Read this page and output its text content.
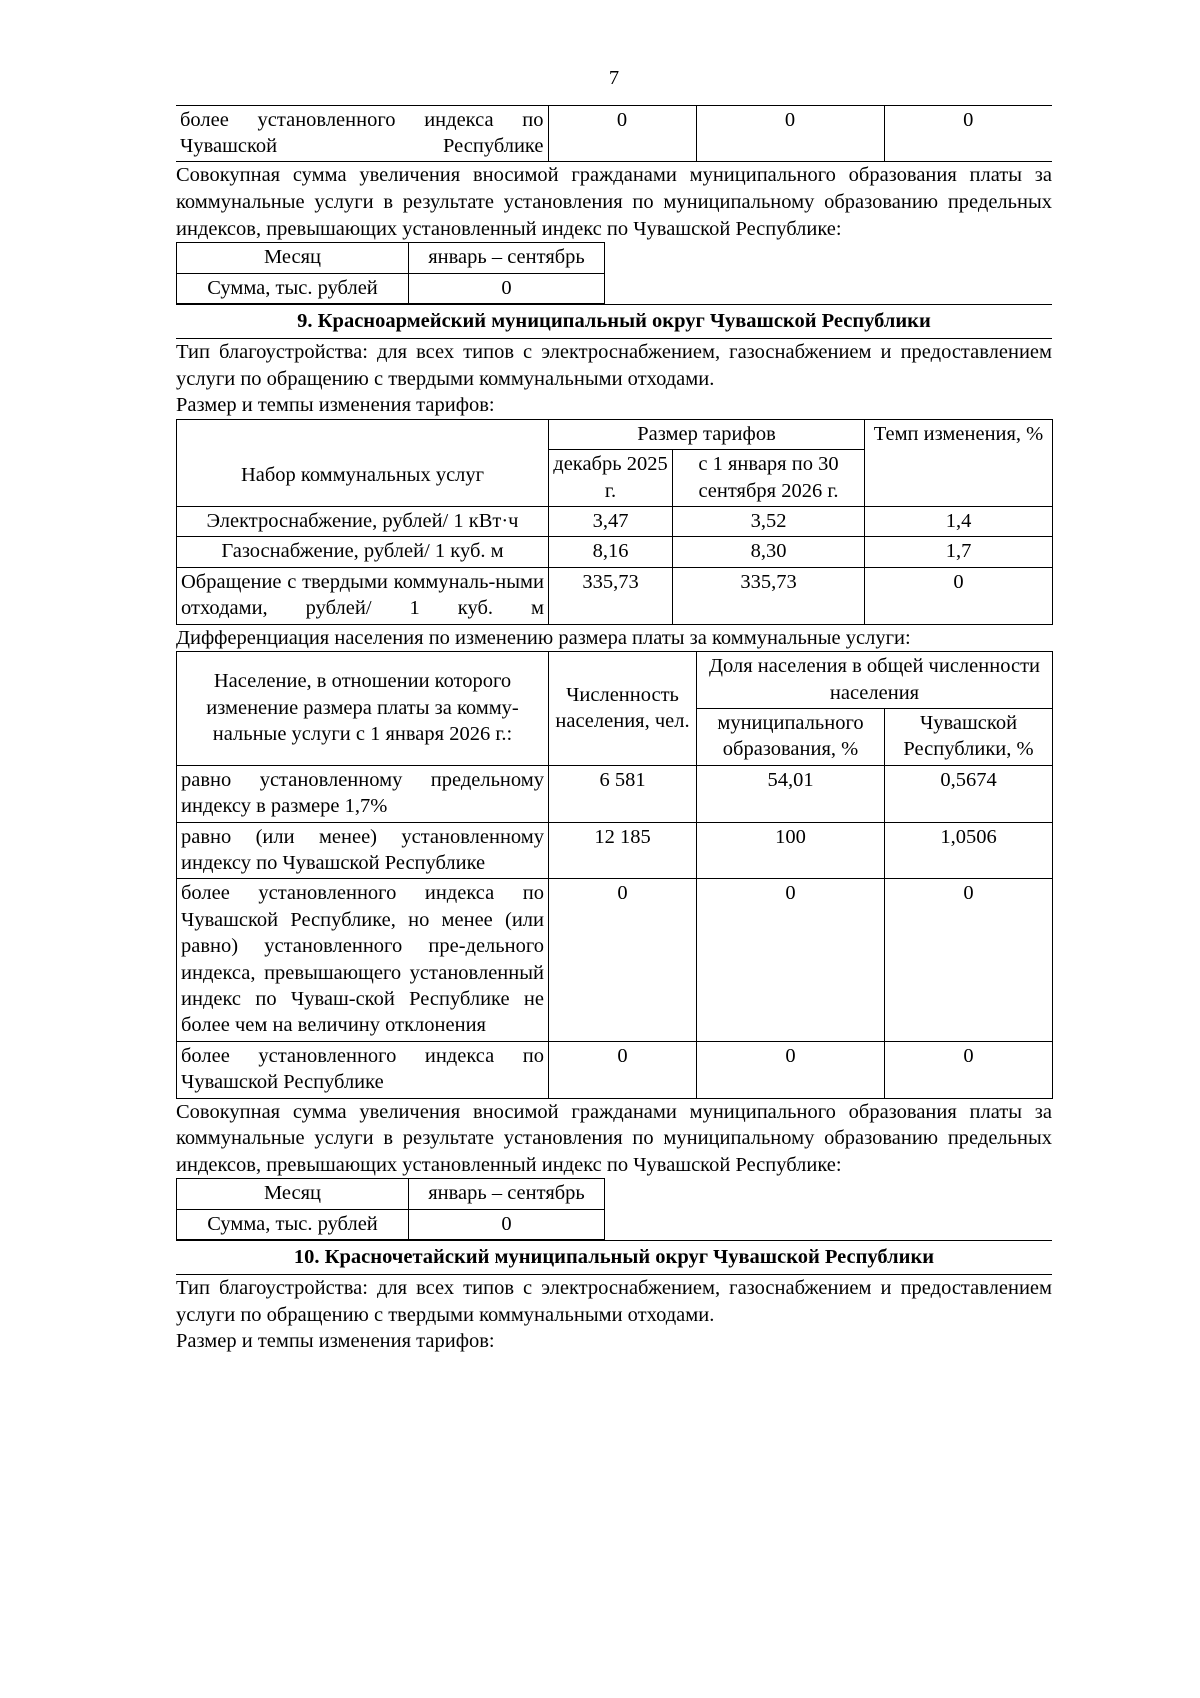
7
более установленного индекса по Чувашской Республике	0	0	0

Совокупная сумма увеличения вносимой гражданами муниципального образования платы за коммунальные услуги в результате установления по муниципальному образованию предельных индексов, превышающих установленный индекс по Чувашской Республике:

Месяц	январь – сентябрь
Сумма, тыс. рублей	0
9. Красноармейский муниципальный округ Чувашской Республики

Тип благоустройства: для всех типов с электроснабжением, газоснабжением и предоставлением услуги по обращению с твердыми коммунальными отходами.

Размер и темпы изменения тарифов:

Набор коммунальных услуг	Размер тарифов		Темп изменения, %
	декабрь 2025 г.	с 1 января по 30 сентября 2026 г.	
Электроснабжение, рублей/ 1 кВт·ч	3,47	3,52	1,4
Газоснабжение, рублей/ 1 куб. м	8,16	8,30	1,7
Обращение с твердыми коммуналь-ными отходами, рублей/ 1 куб. м	335,73	335,73	0

Дифференциация населения по изменению размера платы за коммунальные услуги:

Население, в отношении которого изменение размера платы за комму-нальные услуги с 1 января 2026 г.:	Численность населения, чел.	Доля населения в общей численности населения	
		муниципального образования, %	Чувашской Республики, %
равно установленному предельному индексу в размере 1,7%	6 581	54,01	0,5674
равно (или менее) установленному индексу по Чувашской Республике	12 185	100	1,0506
более установленного индекса по Чувашской Республике, но менее (или равно) установленного пре-дельного индекса, превышающего установленный индекс по Чуваш-ской Республике не более чем на величину отклонения	0	0	0
более установленного индекса по Чувашской Республике	0	0	0

Совокупная сумма увеличения вносимой гражданами муниципального образования платы за коммунальные услуги в результате установления по муниципальному образованию предельных индексов, превышающих установленный индекс по Чувашской Республике:

Месяц	январь – сентябрь
Сумма, тыс. рублей	0
10. Красночетайский муниципальный округ Чувашской Республики

Тип благоустройства: для всех типов с электроснабжением, газоснабжением и предоставлением услуги по обращению с твердыми коммунальными отходами.

Размер и темпы изменения тарифов:
